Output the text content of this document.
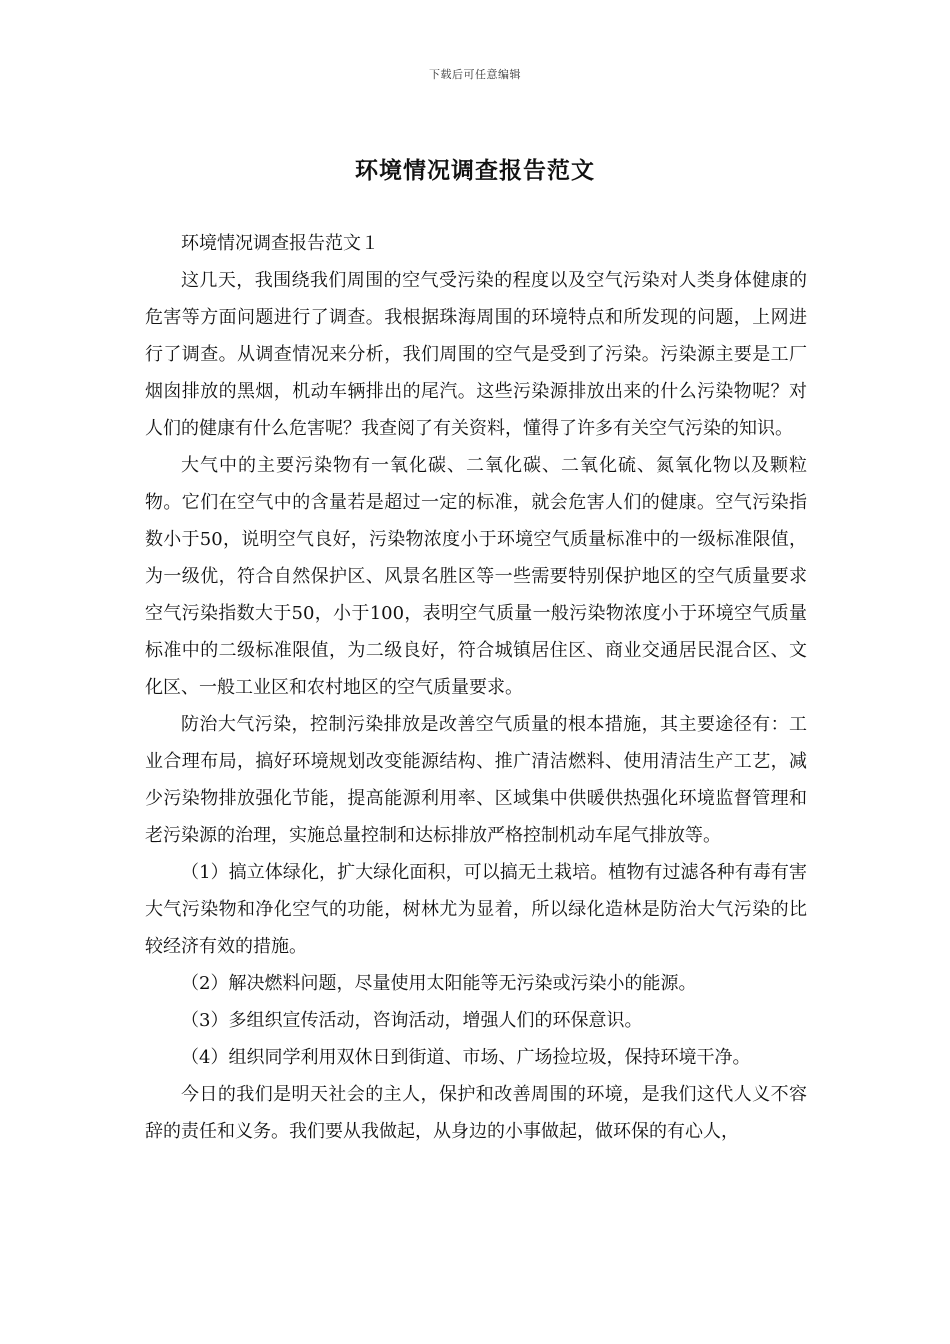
下载后可任意编辑
环境情况调查报告范文

环境情况调查报告范文１

这几天，我围绕我们周围的空气受污染的程度以及空气污染对人类身体健康的危害等方面问题进行了调查。我根据珠海周围的环境特点和所发现的问题，上网进行了调查。从调查情况来分析，我们周围的空气是受到了污染。污染源主要是工厂烟囱排放的黑烟，机动车辆排出的尾汽。这些污染源排放出来的什么污染物呢？对人们的健康有什么危害呢？我查阅了有关资料，懂得了许多有关空气污染的知识。

大气中的主要污染物有一氧化碳、二氧化碳、二氧化硫、氮氧化物以及颗粒物。它们在空气中的含量若是超过一定的标准，就会危害人们的健康。空气污染指数小于50，说明空气良好，污染物浓度小于环境空气质量标准中的一级标准限值，为一级优，符合自然保护区、风景名胜区等一些需要特别保护地区的空气质量要求空气污染指数大于50，小于100，表明空气质量一般污染物浓度小于环境空气质量标准中的二级标准限值，为二级良好，符合城镇居住区、商业交通居民混合区、文化区、一般工业区和农村地区的空气质量要求。

防治大气污染，控制污染排放是改善空气质量的根本措施，其主要途径有：工业合理布局，搞好环境规划改变能源结构、推广清洁燃料、使用清洁生产工艺，减少污染物排放强化节能，提高能源利用率、区域集中供暖供热强化环境监督管理和老污染源的治理，实施总量控制和达标排放严格控制机动车尾气排放等。

（1）搞立体绿化，扩大绿化面积，可以搞无土栽培。植物有过滤各种有毒有害大气污染物和净化空气的功能，树林尤为显着，所以绿化造林是防治大气污染的比较经济有效的措施。

（2）解决燃料问题，尽量使用太阳能等无污染或污染小的能源。

（3）多组织宣传活动，咨询活动，增强人们的环保意识。

（4）组织同学利用双休日到街道、市场、广场捡垃圾，保持环境干净。

今日的我们是明天社会的主人，保护和改善周围的环境，是我们这代人义不容辞的责任和义务。我们要从我做起，从身边的小事做起，做环保的有心人，
